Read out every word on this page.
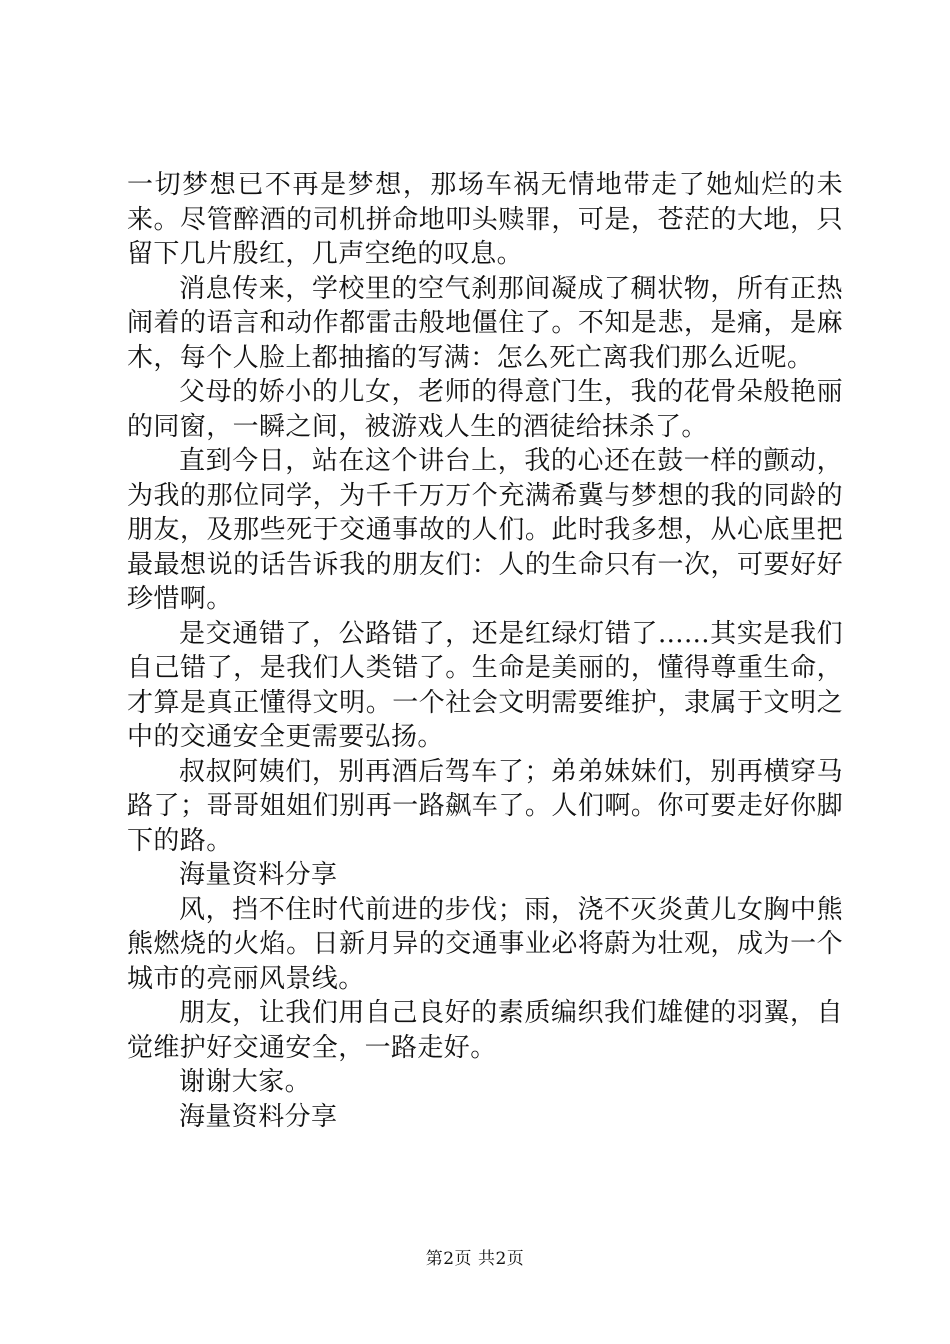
一切梦想已不再是梦想，那场车祸无情地带走了她灿烂的未来。尽管醉酒的司机拼命地叩头赎罪，可是，苍茫的大地，只留下几片殷红，几声空绝的叹息。

消息传来，学校里的空气刹那间凝成了稠状物，所有正热闹着的语言和动作都雷击般地僵住了。不知是悲，是痛，是麻木，每个人脸上都抽搐的写满：怎么死亡离我们那么近呢。

父母的娇小的儿女，老师的得意门生，我的花骨朵般艳丽的同窗，一瞬之间，被游戏人生的酒徒给抹杀了。

直到今日，站在这个讲台上，我的心还在鼓一样的颤动，为我的那位同学，为千千万万个充满希冀与梦想的我的同龄的朋友，及那些死于交通事故的人们。此时我多想，从心底里把最最想说的话告诉我的朋友们：人的生命只有一次，可要好好珍惜啊。

是交通错了，公路错了，还是红绿灯错了......其实是我们自己错了，是我们人类错了。生命是美丽的，懂得尊重生命，才算是真正懂得文明。一个社会文明需要维护，隶属于文明之中的交通安全更需要弘扬。

叔叔阿姨们，别再酒后驾车了；弟弟妹妹们，别再横穿马路了；哥哥姐姐们别再一路飙车了。人们啊。你可要走好你脚下的路。

海量资料分享

风，挡不住时代前进的步伐；雨，浇不灭炎黄儿女胸中熊熊燃烧的火焰。日新月异的交通事业必将蔚为壮观，成为一个城市的亮丽风景线。

朋友，让我们用自己良好的素质编织我们雄健的羽翼，自觉维护好交通安全，一路走好。

谢谢大家。

海量资料分享

第2页 共2页
